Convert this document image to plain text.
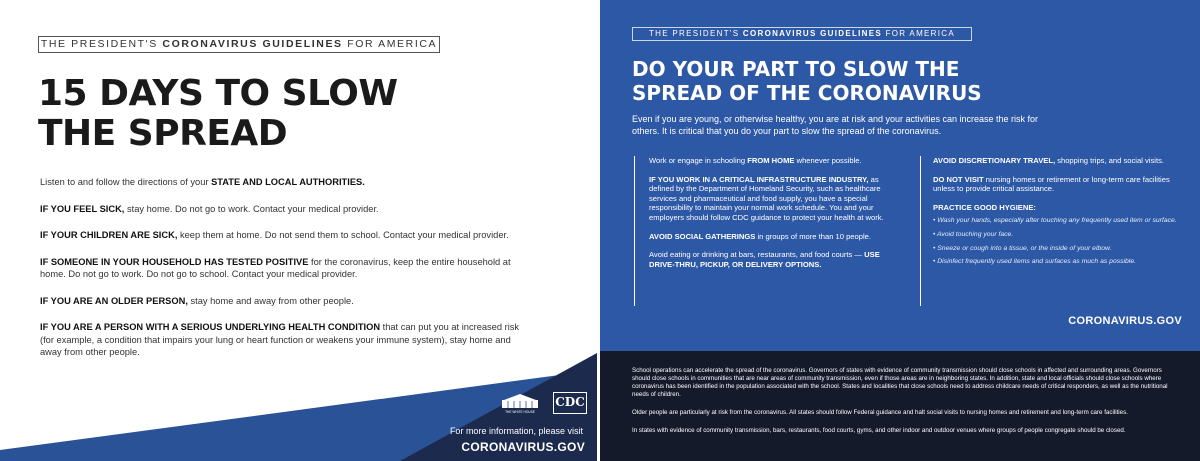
THE PRESIDENT'S CORONAVIRUS GUIDELINES FOR AMERICA
15 DAYS TO SLOW
THE SPREAD

Listen to and follow the directions of your STATE AND LOCAL AUTHORITIES.

IF YOU FEEL SICK, stay home. Do not go to work. Contact your medical provider.

IF YOUR CHILDREN ARE SICK, keep them at home. Do not send them to school. Contact your medical provider.

IF SOMEONE IN YOUR HOUSEHOLD HAS TESTED POSITIVE for the coronavirus, keep the entire household at home. Do not go to work. Do not go to school. Contact your medical provider.

IF YOU ARE AN OLDER PERSON, stay home and away from other people.

IF YOU ARE A PERSON WITH A SERIOUS UNDERLYING HEALTH CONDITION that can put you at increased risk (for example, a condition that impairs your lung or heart function or weakens your immune system), stay home and away from other people.

THE WHITE HOUSE
CDC
For more information, please visit
CORONAVIRUS.GOV
THE PRESIDENT'S CORONAVIRUS GUIDELINES FOR AMERICA
DO YOUR PART TO SLOW THE
SPREAD OF THE CORONAVIRUS
Even if you are young, or otherwise healthy, you are at risk and your activities can increase the risk for others. It is critical that you do your part to slow the spread of the coronavirus.

Work or engage in schooling FROM HOME whenever possible.

IF YOU WORK IN A CRITICAL INFRASTRUCTURE INDUSTRY, as defined by the Department of Homeland Security, such as healthcare services and pharmaceutical and food supply, you have a special responsibility to maintain your normal work schedule. You and your employers should follow CDC guidance to protect your health at work.

AVOID SOCIAL GATHERINGS in groups of more than 10 people.

Avoid eating or drinking at bars, restaurants, and food courts — USE DRIVE-THRU, PICKUP, OR DELIVERY OPTIONS.

AVOID DISCRETIONARY TRAVEL, shopping trips, and social visits.

DO NOT VISIT nursing homes or retirement or long-term care facilities unless to provide critical assistance.

PRACTICE GOOD HYGIENE:
• Wash your hands, especially after touching any frequently used item or surface.
• Avoid touching your face.
• Sneeze or cough into a tissue, or the inside of your elbow.
• Disinfect frequently used items and surfaces as much as possible.
CORONAVIRUS.GOV

School operations can accelerate the spread of the coronavirus. Governors of states with evidence of community transmission should close schools in affected and surrounding areas. Governors should close schools in communities that are near areas of community transmission, even if those areas are in neighboring states. In addition, state and local officials should close schools where coronavirus has been identified in the population associated with the school. States and localities that close schools need to address childcare needs of critical responders, as well as the nutritional needs of children.

Older people are particularly at risk from the coronavirus. All states should follow Federal guidance and halt social visits to nursing homes and retirement and long-term care facilities.

In states with evidence of community transmission, bars, restaurants, food courts, gyms, and other indoor and outdoor venues where groups of people congregate should be closed.
